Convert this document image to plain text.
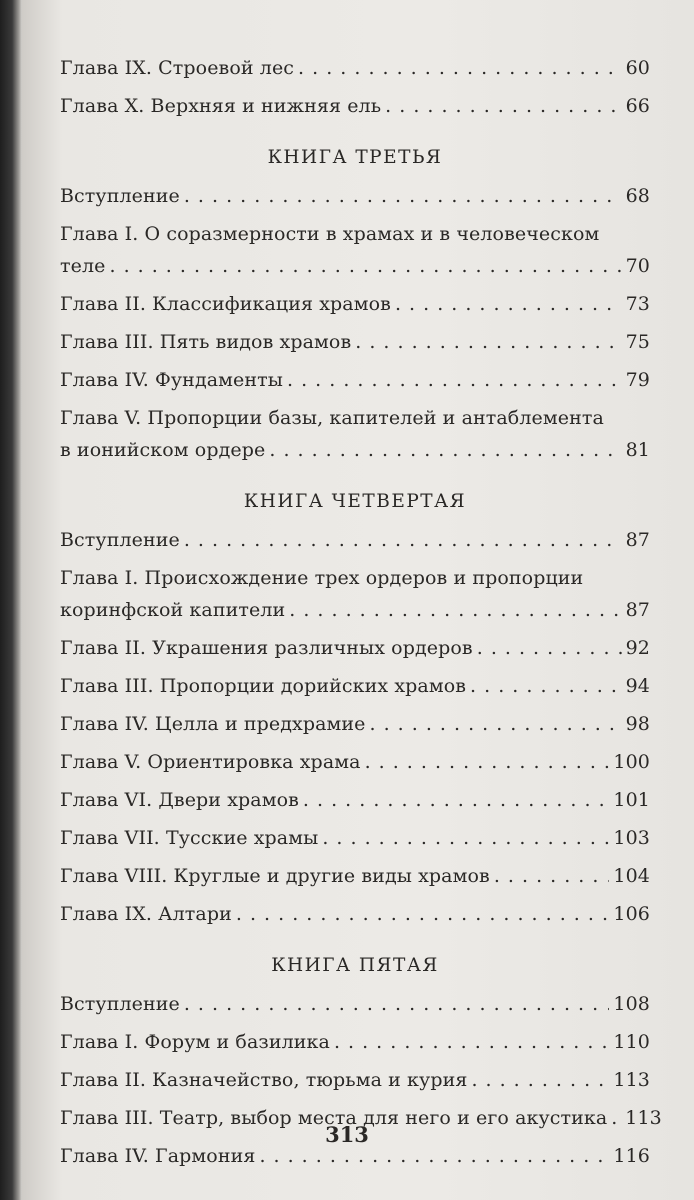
Глава IX. Строевой лес . . .	60
Глава X. Верхняя и нижняя ель . . .	66
КНИГА ТРЕТЬЯ
Вступление . . .	68
Глава I. О соразмерности в храмах и в человеческом
теле . . .	70
Глава II. Классификация храмов . . .	73
Глава III. Пять видов храмов . . .	75
Глава IV. Фундаменты . . .	79
Глава V. Пропорции базы, капителей и антаблемента
в ионийском ордере . . .	81
КНИГА ЧЕТВЕРТАЯ
Вступление . . .	87
Глава I. Происхождение трех ордеров и пропорции
коринфской капители . . .	87
Глава II. Украшения различных ордеров . . .	92
Глава III. Пропорции дорийских храмов . . .	94
Глава IV. Целла и предхрамие . . .	98
Глава V. Ориентировка храма . . .	100
Глава VI. Двери храмов . . .	101
Глава VII. Тусские храмы . . .	103
Глава VIII. Круглые и другие виды храмов . . .	104
Глава IX. Алтари . . .	106
КНИГА ПЯТАЯ
Вступление . . .	108
Глава I. Форум и базилика . . .	110
Глава II. Казначейство, тюрьма и курия . . .	113
Глава III. Театр, выбор места для него и его акустика . . . 113
Глава IV. Гармония . . .	116
313
